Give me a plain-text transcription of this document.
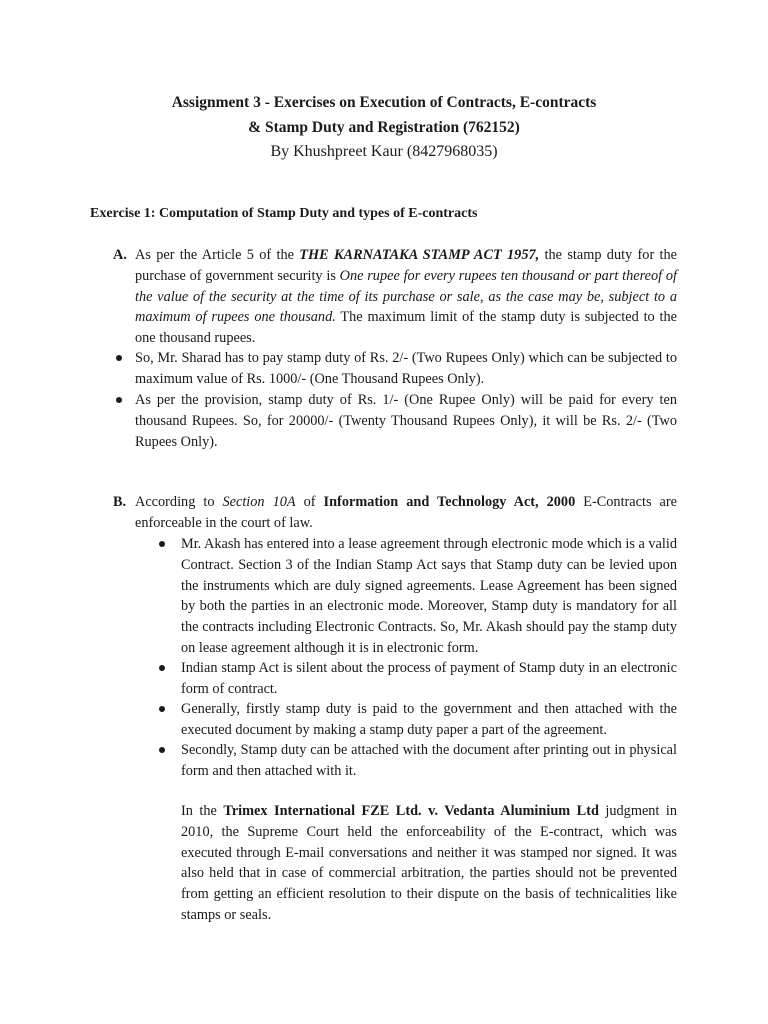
Assignment 3 - Exercises on Execution of Contracts, E-contracts
& Stamp Duty and Registration (762152)
By Khushpreet Kaur (8427968035)
Exercise 1: Computation of Stamp Duty and types of E-contracts
A. As per the Article 5 of the THE KARNATAKA STAMP ACT 1957, the stamp duty for the purchase of government security is One rupee for every rupees ten thousand or part thereof of the value of the security at the time of its purchase or sale, as the case may be, subject to a maximum of rupees one thousand. The maximum limit of the stamp duty is subjected to the one thousand rupees.
So, Mr. Sharad has to pay stamp duty of Rs. 2/- (Two Rupees Only) which can be subjected to maximum value of Rs. 1000/- (One Thousand Rupees Only).
As per the provision, stamp duty of Rs. 1/- (One Rupee Only) will be paid for every ten thousand Rupees. So, for 20000/- (Twenty Thousand Rupees Only), it will be Rs. 2/- (Two Rupees Only).
B. According to Section 10A of Information and Technology Act, 2000 E-Contracts are enforceable in the court of law.
Mr. Akash has entered into a lease agreement through electronic mode which is a valid Contract. Section 3 of the Indian Stamp Act says that Stamp duty can be levied upon the instruments which are duly signed agreements. Lease Agreement has been signed by both the parties in an electronic mode. Moreover, Stamp duty is mandatory for all the contracts including Electronic Contracts. So, Mr. Akash should pay the stamp duty on lease agreement although it is in electronic form.
Indian stamp Act is silent about the process of payment of Stamp duty in an electronic form of contract.
Generally, firstly stamp duty is paid to the government and then attached with the executed document by making a stamp duty paper a part of the agreement.
Secondly, Stamp duty can be attached with the document after printing out in physical form and then attached with it.
In the Trimex International FZE Ltd. v. Vedanta Aluminium Ltd judgment in 2010, the Supreme Court held the enforceability of the E-contract, which was executed through E-mail conversations and neither it was stamped nor signed. It was also held that in case of commercial arbitration, the parties should not be prevented from getting an efficient resolution to their dispute on the basis of technicalities like stamps or seals.
